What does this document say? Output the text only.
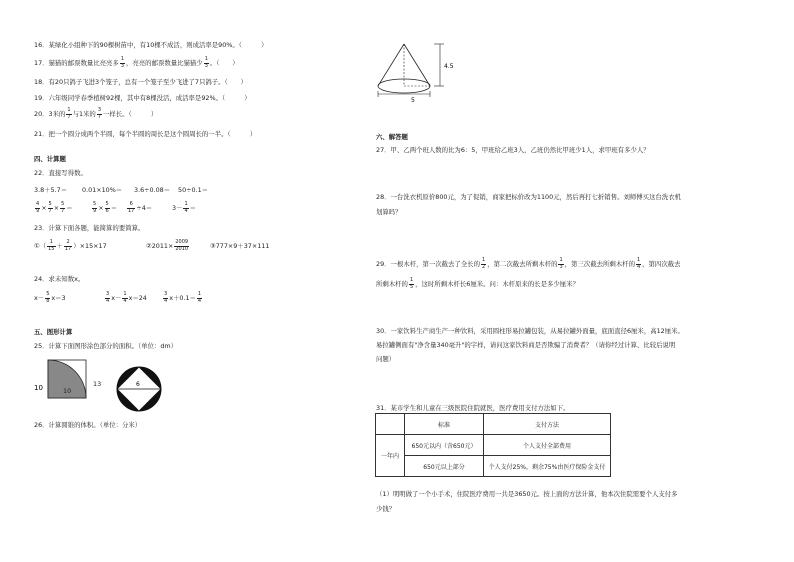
16．某绿化小组种下的90棵树苗中，有10棵不成活，则成活率是90%。（　　　）
17．猫猫的邮票数量比亮亮多 $\frac{1}{3}$ ，亮亮的邮票数量比猫猫少 $\frac{1}{3}$ 。（　　）
18．有20只鸽子飞进3个笼子，总有一个笼子至少飞进了7只鸽子。（　　）
19．六年级同学春季植树92棵，其中有8棵没活，成活率是92%。（　　　）
20．3米的 $\frac{1}{7}$ 与1米的 $\frac{3}{7}$ 一样长。（　　　）
21．把一个圆分成两个半圆，每个半圆的周长是这个圆周长的一半。（　　　）
四、计算题
22．直接写得数。
3.8＋5.7＝ 0.01×10%＝ 3.6÷0.08＝ 50÷0.1＝
$\frac{4}{9} \times \frac{5}{7} \times \frac{5}{7}$ ＝	$\frac{5}{9} \times \frac{5}{6} = \frac{6}{17} \div 4=$	$3- \frac{1}{4}$ ＝
23．计算下面各题，能简算的要简算。
①（ $\frac{1}{15} + \frac{2}{17} )\times 15\times 17$	②2011× $\frac{2009}{2010}$	③777×9＋37×111
24．求未知数x。
$x- \frac{5}{8} x=3$	$\frac{3}{4} x- \frac{1}{4} x=24$	$\frac{3}{4} x+0.1= \frac{1}{4}$
五、图形计算
25．计算下面图形涂色部分的面积。（单位：dm）
10	10
13	6
26．计算圆锥的体积。（单位：分米）
4.5
5
六、解答题
27．甲、乙两个班人数的比为6：5，甲班给乙班3人，乙班仍然比甲班少1人，求甲班有多少人？
28．一台洗衣机原价800元，为了促销，商家把标价改为1100元，然后再打七折销售。刘师傅买这台洗衣机
划算吗？
29．一根木杆，第一次截去了全长的 $\frac{1}{2}$ ，第二次截去所剩木杆的 $\frac{1}{3}$ ，第三次截去所剩木杆的 $\frac{1}{4}$ ，第四次截去
所剩木杆的 $\frac{1}{5}$ ，这时所剩木杆长6厘米。问：木杆原来的长是多少厘米？
30．一家饮料生产商生产一种饮料，采用圆柱形易拉罐包装，从易拉罐外面量，底面直径6厘米，高12厘米。
易拉罐侧面有"净含量340毫升"的字样，请问这家饮料商是否欺骗了消费者？（请你经过计算、比较后说明
问题）
31．某市学生和儿童在三级医院住院就医，医疗费用支付方法如下。
	标准	支付方法
一年内	650元以内（含650元）	个人支付全部费用
	650元以上部分	个人支付25%，剩余75%由医疗保险金支付
（1）明明做了一个小手术，住院医疗费用一共是3650元。按上面的方法计算，他本次住院需要个人支付多
少钱？
